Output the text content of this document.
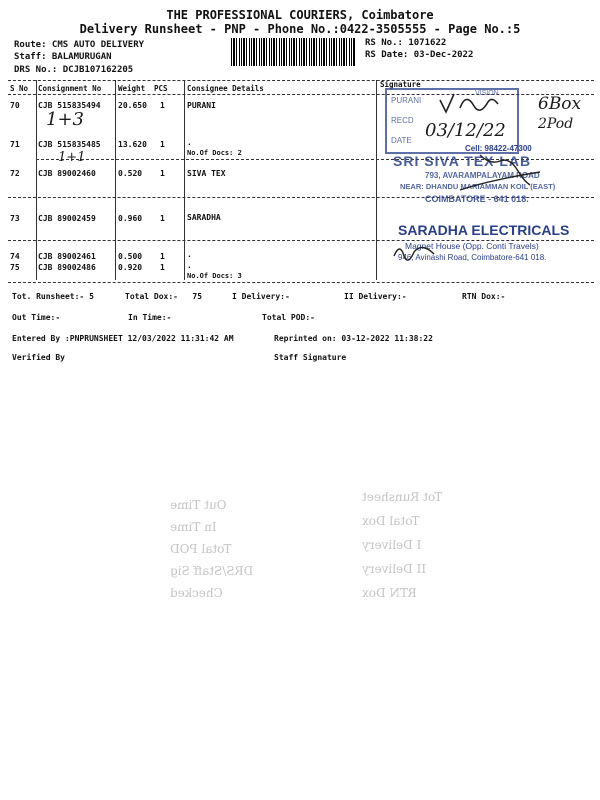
THE PROFESSIONAL COURIERS, Coimbatore
Delivery Runsheet - PNP - Phone No.:0422-3505555 - Page No.:5
Route: CMS AUTO DELIVERY
Staff: BALAMURUGAN
DRS No.: DCJB107162205
RS No.: 1071622
RS Date: 03-Dec-2022
S No Consignment No Weight PCS	Consignee Details	Signature
70 CJB 515835494 20.650 1	PURANI
1+3
71 CJB 515835485 13.620 1	.
No.Of Docs: 2
1+1
72 CJB 89002460	0.520 1	SIVA TEX
73 CJB 89002459	0.960 1	SARADHA
74 CJB 89002461	0.500 1	.
75 CJB 89002486	0.920 1	.
No.Of Docs: 3
PURANI
VISION
RECD
DATE
Cell: 98422-47300
03/12/22
6Box
2Pod
SRI SIVA TEX LAB
793, AVARAMPALAYAM ROAD
NEAR: DHANDU MARIAMMAN KOIL (EAST)
COIMBATORE - 641 018.
SARADHA ELECTRICALS
Magnet House (Opp. Conti Travels)
946, Avinashi Road, Coimbatore-641 018.
Tot. Runsheet:- 5	Total Dox:-   75	I Delivery:-	II Delivery:-	RTN Dox:-
Out Time:-	In Time:-	Total POD:-
Entered By :PNPRUNSHEET 12/03/2022 11:31:42 AM	Reprinted on: 03-12-2022 11:38:22
Verified By	Staff Signature
Out Time
In Time
Total POD
DRS/Staff Sig
Checked
Tot Runsheet
Total Dox
I Delivery
II Delivery
RTN Dox
